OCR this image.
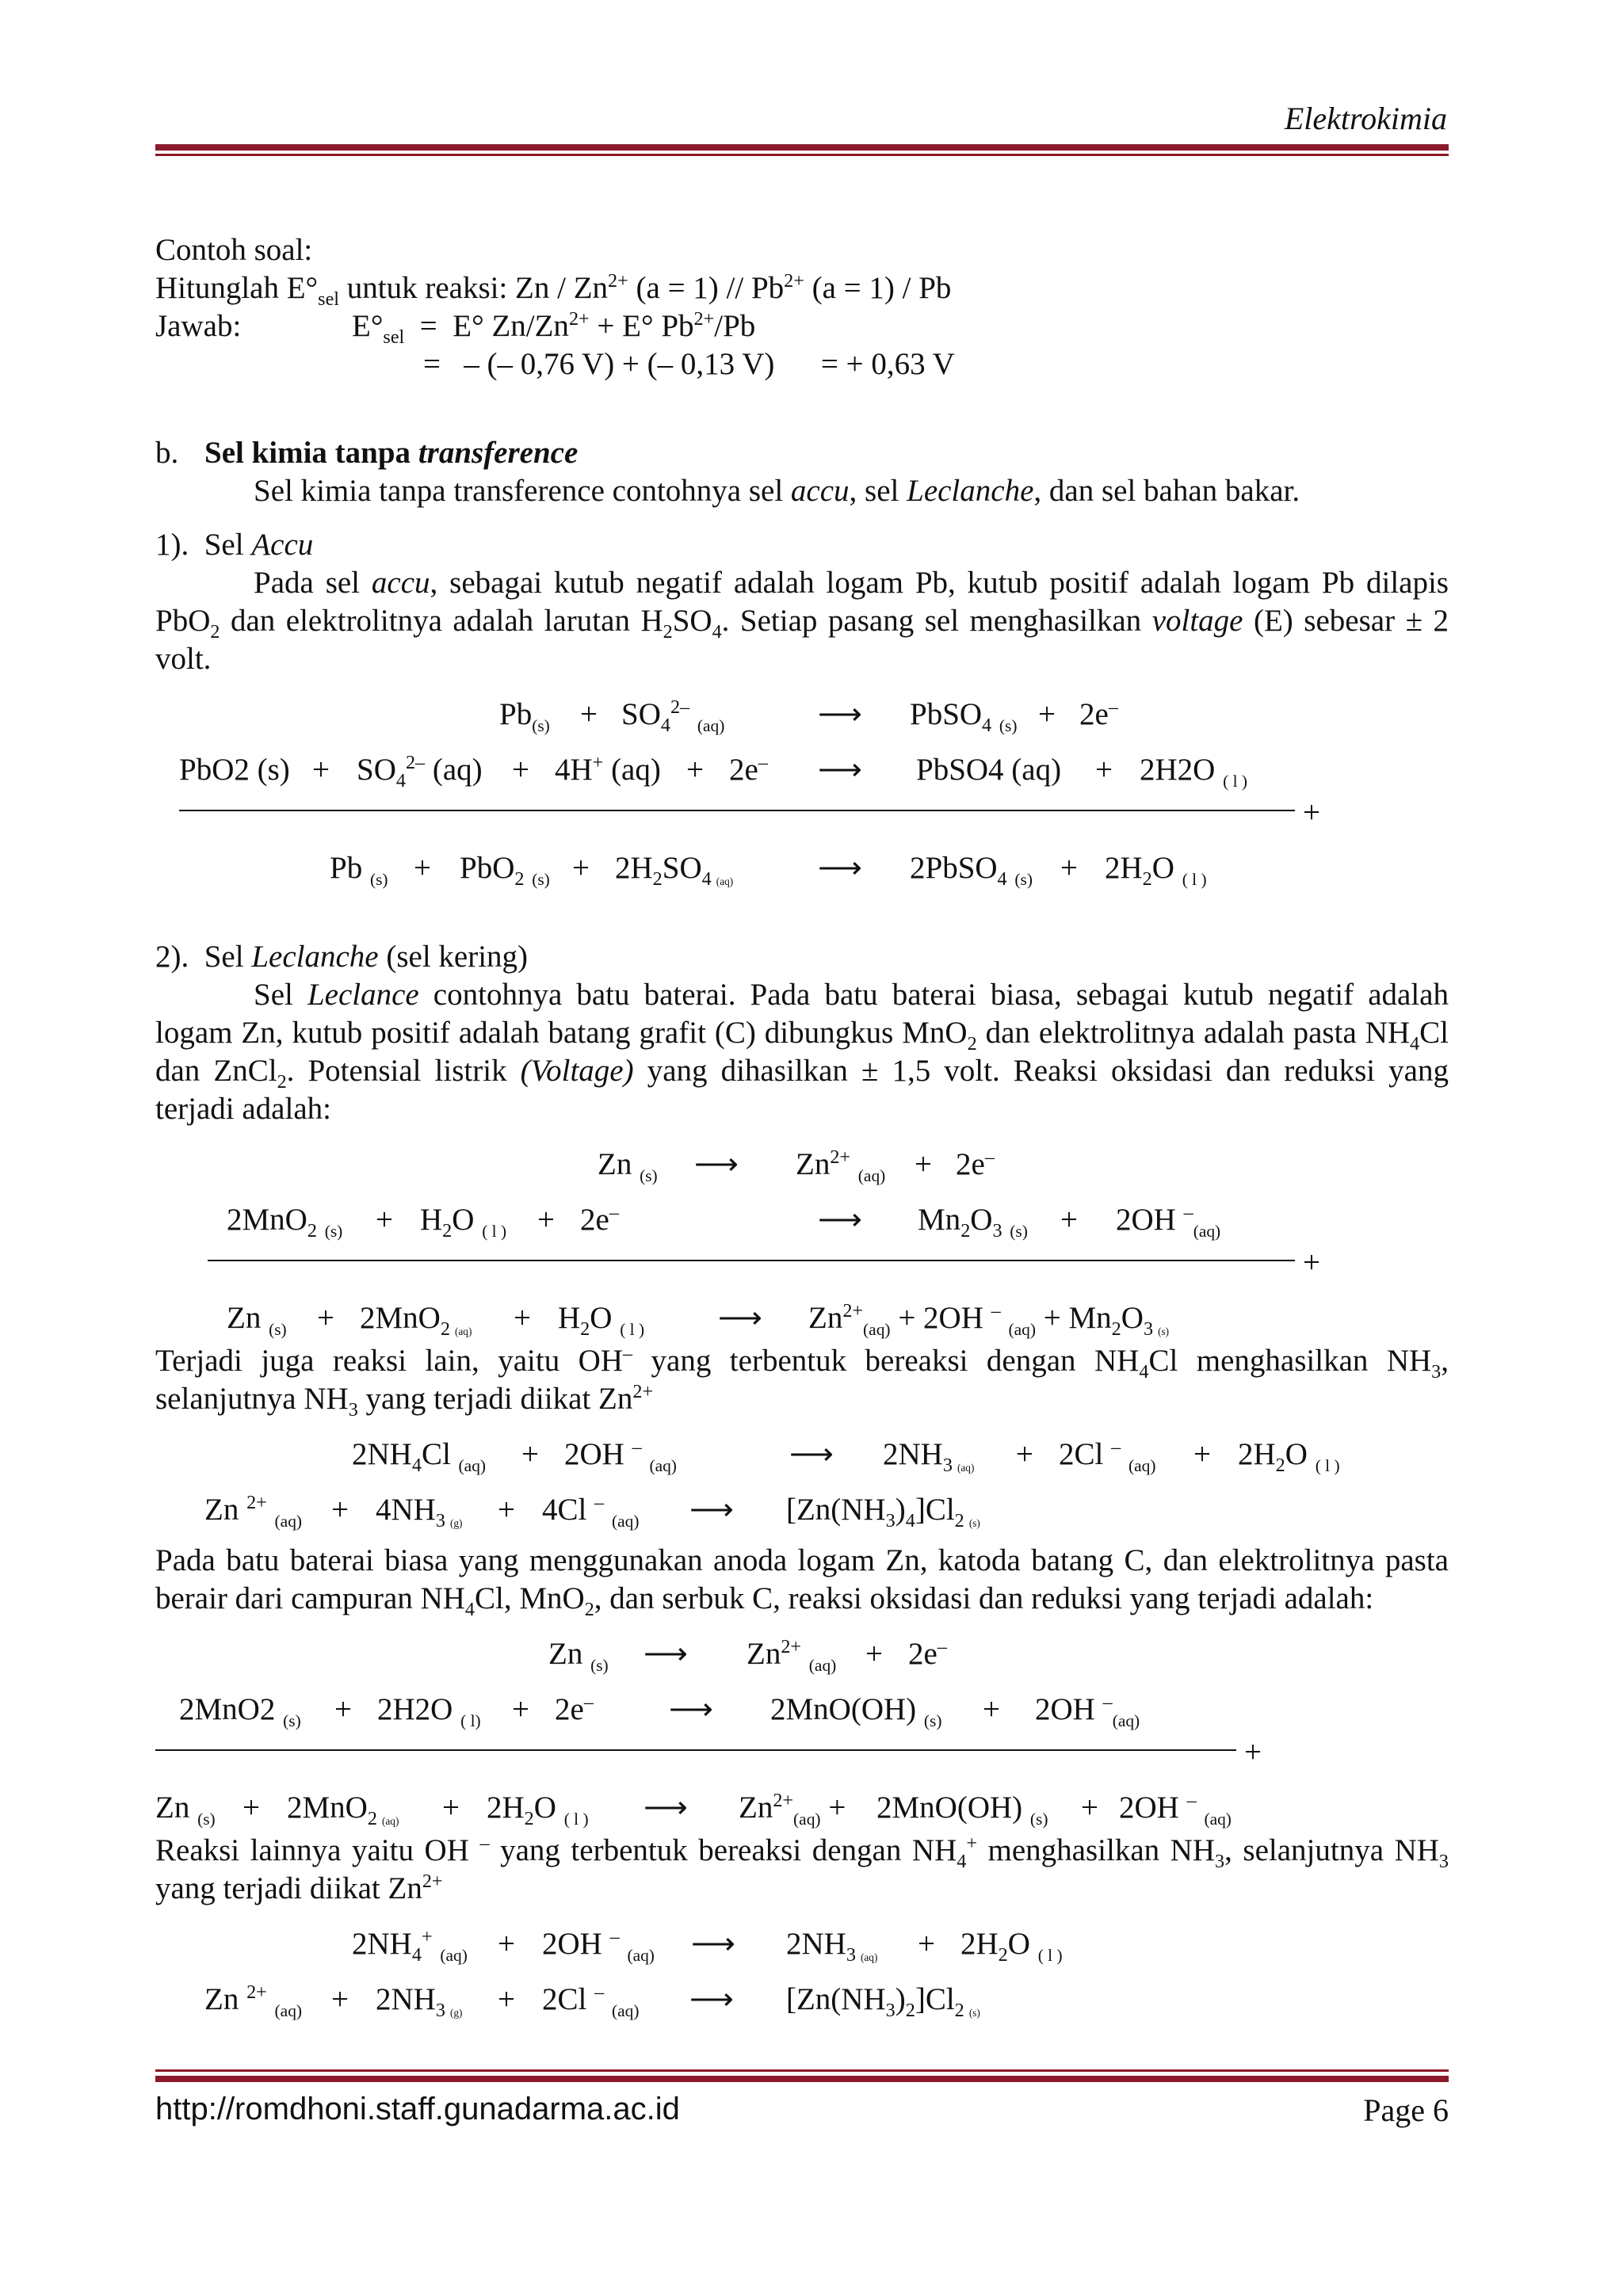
Elektrokimia
Contoh soal:
Hitunglah $E^\circ_{sel}$ untuk reaksi: Zn / $Zn^{2+}$ $(a = 1) // Pb^{2+}$ (a = 1) / Pb
Jawab:	$E^\circ_{sel} = E^\circ$ $Zn/Zn^{2+} + E^\circ$ $Pb^{2+}/Pb$
=   – (– 0,76 V) + (– 0,13 V)      = + 0,63 V
b. Sel kimia tanpa transference
Sel kimia tanpa transference contohnya sel accu, sel Leclanche, dan sel bahan bakar.
1).  Sel Accu
Pada sel accu, sebagai kutub negatif adalah logam Pb, kutub positif adalah logam Pb dilapis PbO$_2$ dan elektrolitnya adalah larutan $H_2SO_4$. Setiap pasang sel menghasilkan voltage (E) sebesar ± 2 volt.
$Pb_{(s)} + SO_4^{2-}$ $_{(aq)}$	⟶ PbSO$_4$ $_{(s)}$ + 2e–
PbO2 $(s) + SO_4^{2-}$ (aq) + 4H+ (aq) + 2e– ⟶ PbSO4 (aq) + 2H2O $_{( l )}$
+
Pb $_{(s)}$ + PbO$_2$ $_{(s)} + 2H_2SO_{4 (aq)}$	⟶ 2PbSO$_4$ $_{(s)} + 2H_2O$ $_{( l )}$
2).  Sel Leclanche (sel kering)
Sel Leclance contohnya batu baterai. Pada batu baterai biasa, sebagai kutub negatif adalah logam Zn, kutub positif adalah batang grafit (C) dibungkus MnO$_2$ dan elektrolitnya adalah pasta $NH_4Cl$ dan ZnCl$_2$. Potensial listrik (Voltage) yang dihasilkan ± 1,5 volt. Reaksi oksidasi dan reduksi yang terjadi adalah:
Zn $_{(s)}$ ⟶ $Zn^{2+}$ $_{(aq)}$ + 2e–
2MnO$_2$ $_{(s)} + H_2O$ $_{( l )}$ + 2e–	⟶ $Mn_2O_3$ $_{(s)}$ + 2OH –$_{(aq)}$
+
Zn $_{(s)} + 2MnO_{2 (aq)} + H_2O$ $_{( l )}$ ⟶ $Zn^{2+}_{(aq)} + 2OH$ – $_{(aq)} + Mn_2O_{3 (s)}$
Terjadi juga reaksi lain, yaitu OH– yang terbentuk bereaksi dengan $NH_4Cl$ menghasilkan $NH_3$, selanjutnya $NH_3$ yang terjadi diikat $Zn^{2+}$
$2NH_4Cl$ $_{(aq)}$ + 2OH – $_{(aq)}$	⟶ $2NH_{3 (aq)} + 2Cl$ – $_{(aq)} + 2H_2O$ $_{( l )}$
Zn $^{2+}$ $_{(aq)} + 4NH_{3 (g)} + 4Cl$ – $_{(aq)}$ ⟶ $[Zn(NH_3)_4]Cl_{2 (s)}$
Pada batu baterai biasa yang menggunakan anoda logam Zn, katoda batang C, dan elektrolitnya pasta berair dari campuran $NH_4Cl$, MnO$_2$, dan serbuk C, reaksi oksidasi dan reduksi yang terjadi adalah:
Zn $_{(s)}$ ⟶ $Zn^{2+}$ $_{(aq)}$ + 2e–
2MnO2 $_{(s)}$ + 2H2O $_{( l)}$ + 2e– ⟶ 2MnO(OH) $_{(s)}$ + 2OH –$_{(aq)}$
+
Zn $_{(s)} + 2MnO_{2 (aq)} + 2H_2O$ $_{( l )}$ ⟶ $Zn^{2+}_{(aq)} + 2MnO(OH) _{(s)} + 2OH$ – $_{(aq)}$
Reaksi lainnya yaitu OH – yang terbentuk bereaksi dengan $NH_4^+$ menghasilkan $NH_3$, selanjutnya $NH_3$ yang terjadi diikat $Zn^{2+}$
$2NH_4^+$ $_{(aq)}$ + 2OH – $_{(aq)}$ ⟶ $2NH_{3 (aq)} + 2H_2O$ $_{( l )}$
Zn $^{2+}$ $_{(aq)} + 2NH_{3 (g)} + 2Cl$ – $_{(aq)}$ ⟶ $[Zn(NH_3)_2]Cl_{2 (s)}$
http://romdhoni.staff.gunadarma.ac.id	Page 6
